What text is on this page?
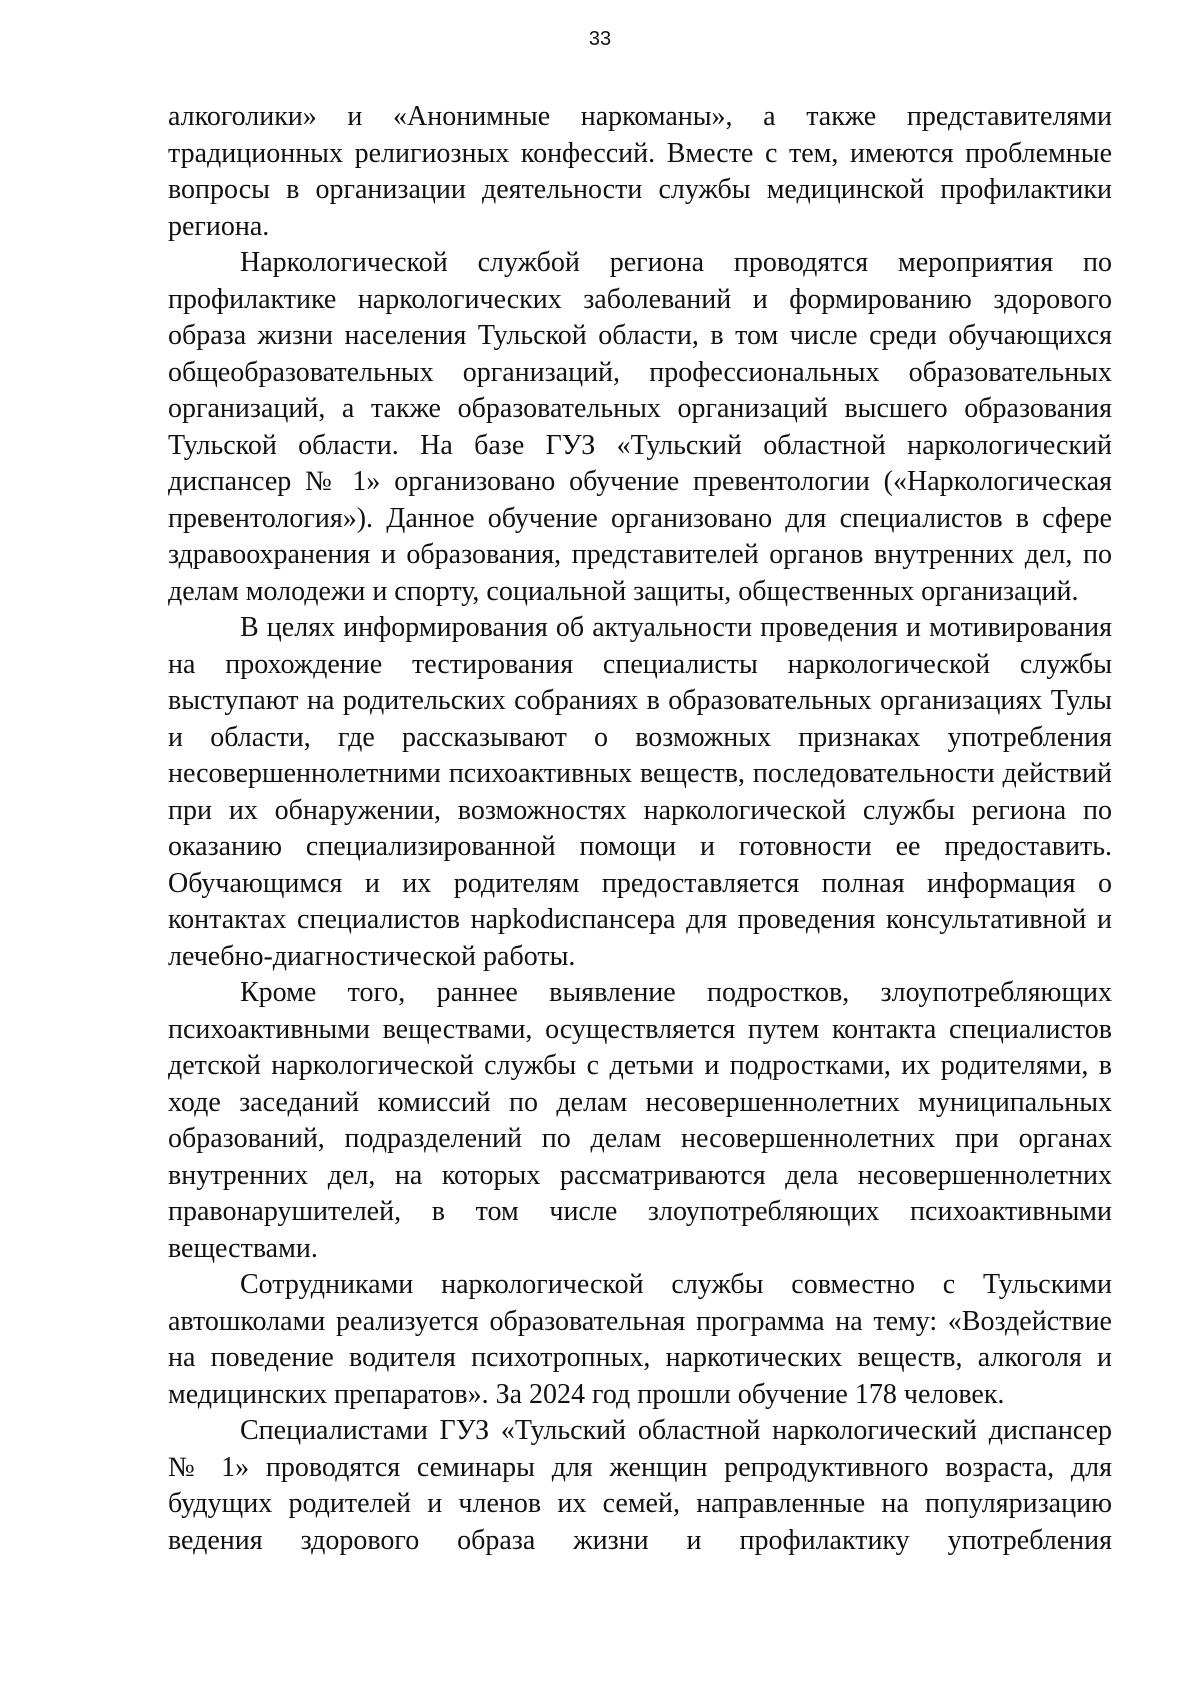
33

алкоголики» и «Анонимные наркоманы», а также представителями традиционных религиозных конфессий. Вместе с тем, имеются проблемные вопросы в организации деятельности службы медицинской профилактики региона.

Наркологической службой региона проводятся мероприятия по профилактике наркологических заболеваний и формированию здорового образа жизни населения Тульской области, в том числе среди обучающихся общеобразовательных организаций, профессиональных образовательных организаций, а также образовательных организаций высшего образования Тульской области. На базе ГУЗ «Тульский областной наркологический диспансер № 1» организовано обучение превентологии («Наркологическая превентология»). Данное обучение организовано для специалистов в сфере здравоохранения и образования, представителей органов внутренних дел, по делам молодежи и спорту, социальной защиты, общественных организаций.

В целях информирования об актуальности проведения и мотивирования на прохождение тестирования специалисты наркологической службы выступают на родительских собраниях в образовательных организациях Тулы и области, где рассказывают о возможных признаках употребления несовершеннолетними психоактивных веществ, последовательности действий при их обнаружении, возможностях наркологической службы региона по оказанию специализированной помощи и готовности ее предоставить. Обучающимся и их родителям предоставляется полная информация о контактах специалистов нарkodиспансера для проведения консультативной и лечебно-диагностической работы.

Кроме того, раннее выявление подростков, злоупотребляющих психоактивными веществами, осуществляется путем контакта специалистов детской наркологической службы с детьми и подростками, их родителями, в ходе заседаний комиссий по делам несовершеннолетних муниципальных образований, подразделений по делам несовершеннолетних при органах внутренних дел, на которых рассматриваются дела несовершеннолетних правонарушителей, в том числе злоупотребляющих психоактивными веществами.

Сотрудниками наркологической службы совместно с Тульскими автошколами реализуется образовательная программа на тему: «Воздействие на поведение водителя психотропных, наркотических веществ, алкоголя и медицинских препаратов». За 2024 год прошли обучение 178 человек.

Специалистами ГУЗ «Тульский областной наркологический диспансер № 1» проводятся семинары для женщин репродуктивного возраста, для будущих родителей и членов их семей, направленные на популяризацию ведения здорового образа жизни и профилактику употребления
